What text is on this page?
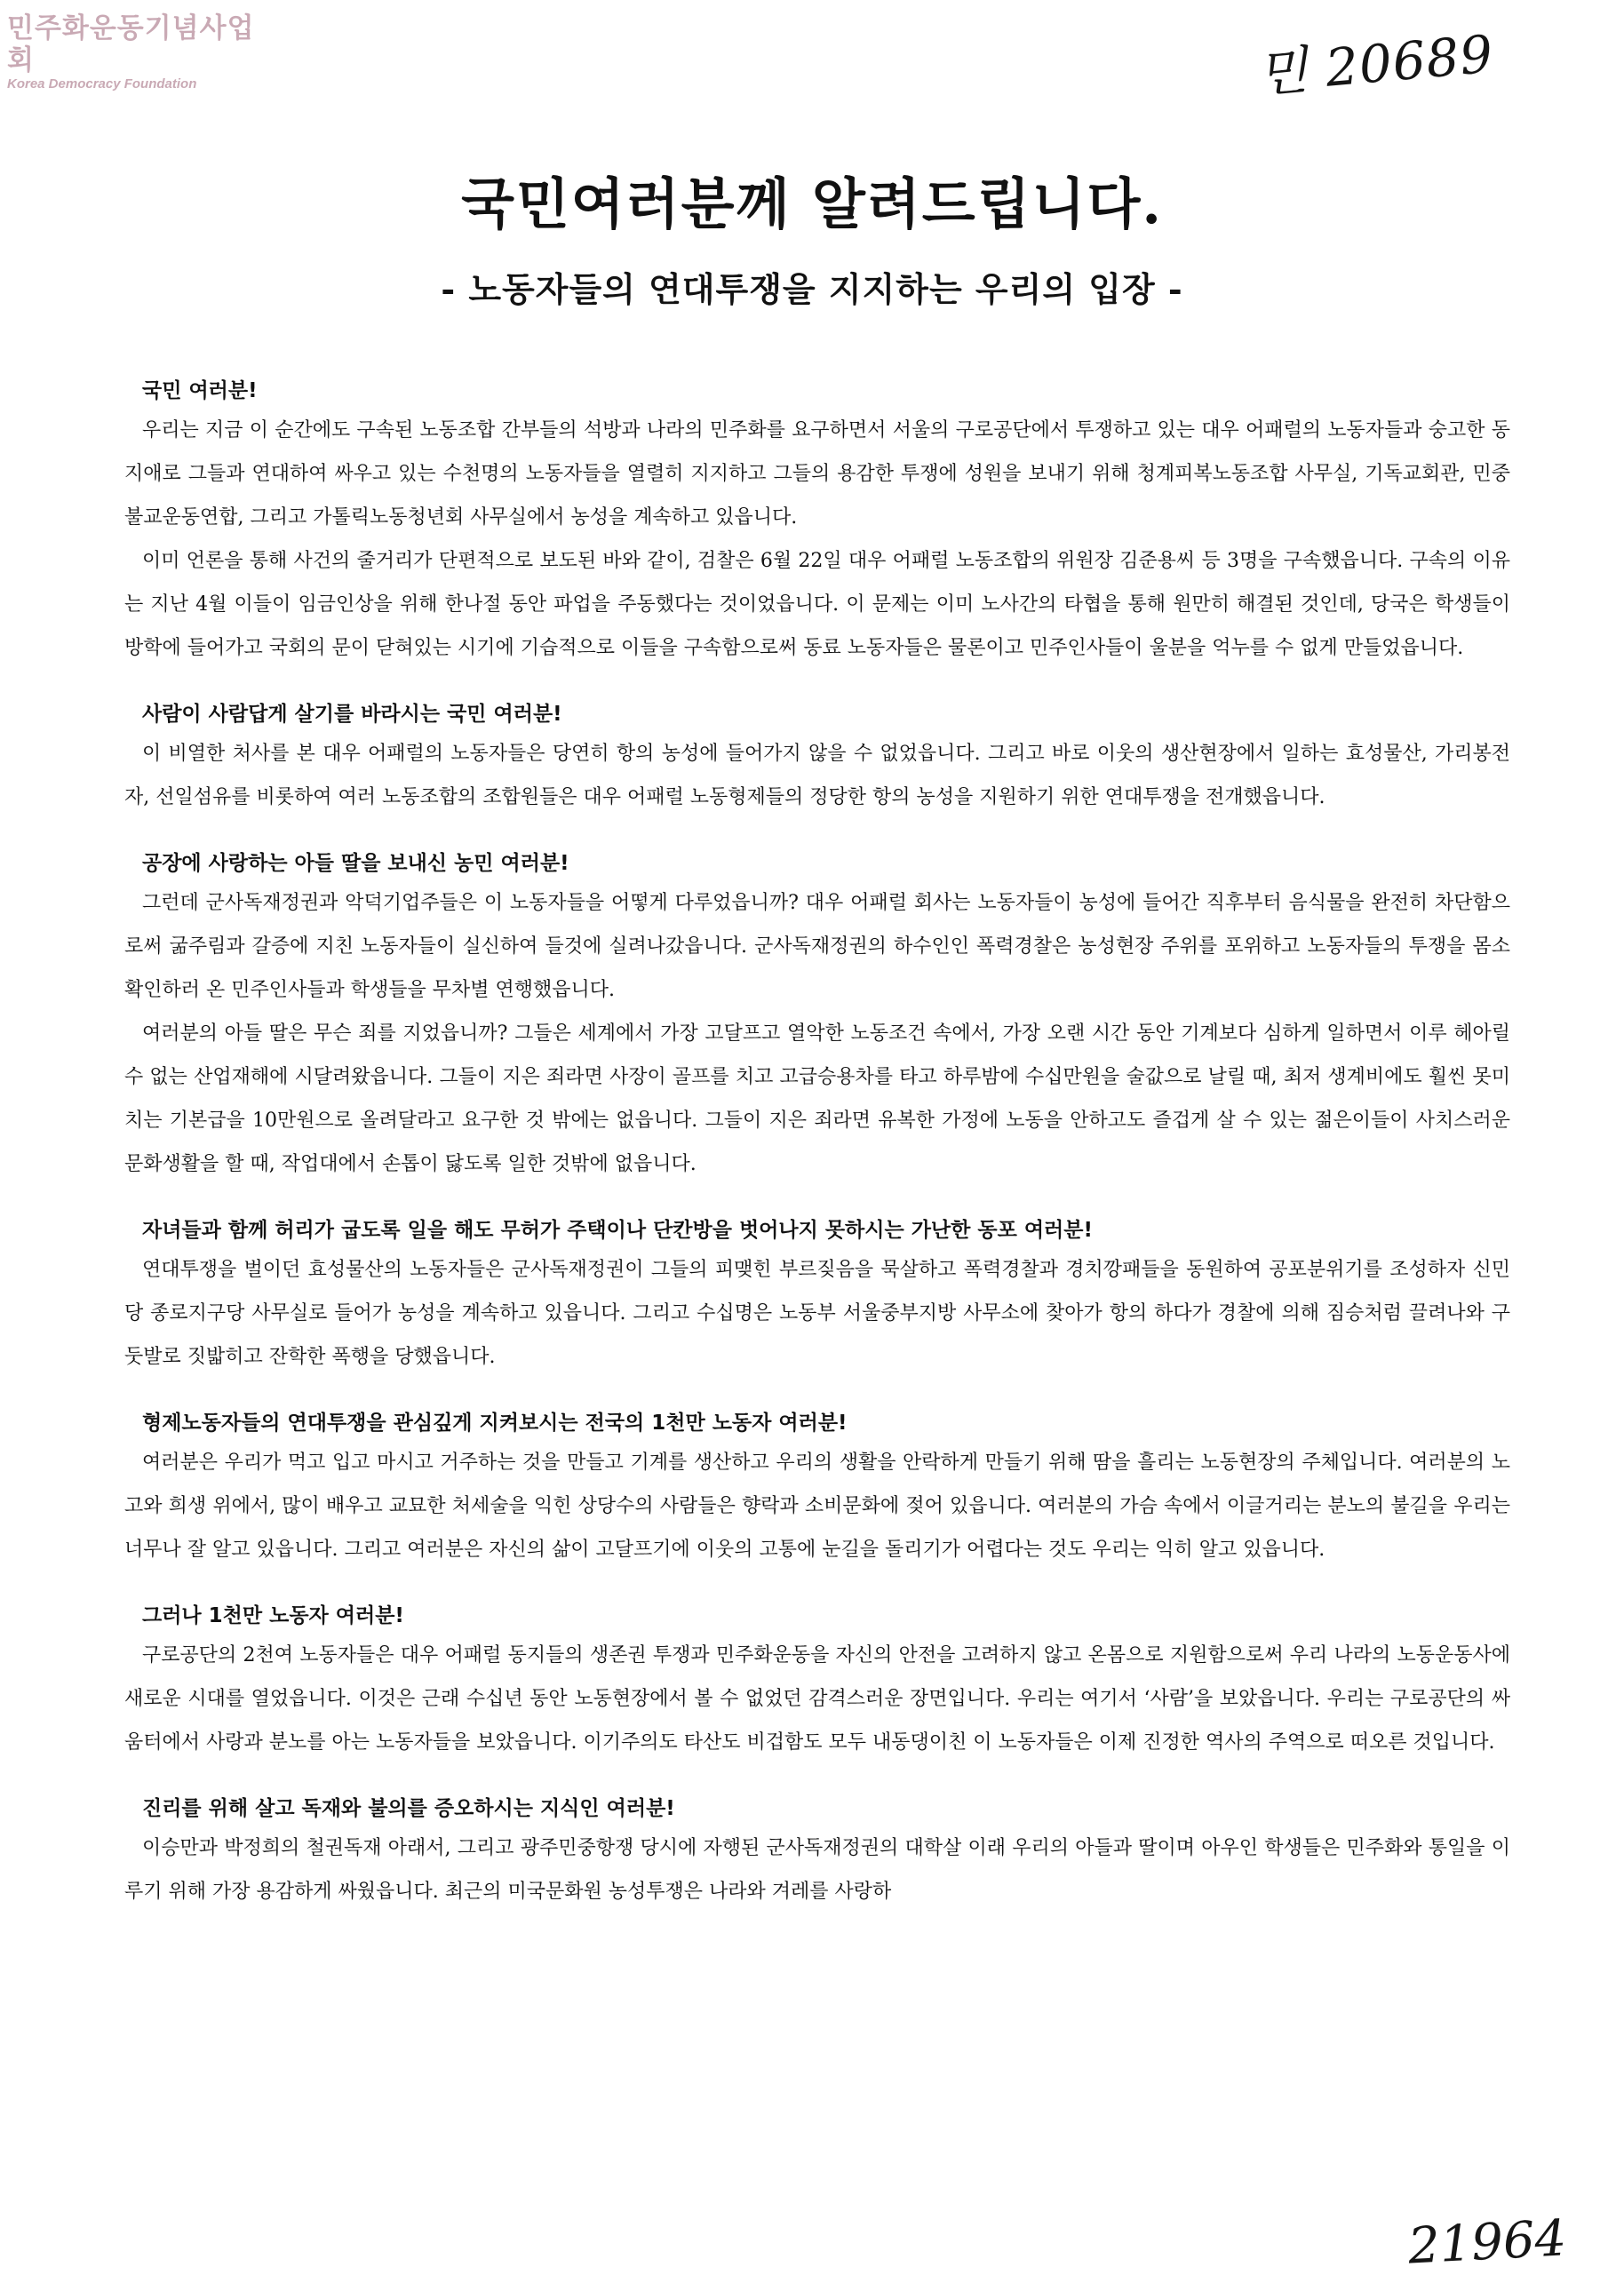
민주화운동기념사업회
Korea Democracy Foundation	민 20689
국민여러분께 알려드립니다.
- 노동자들의 연대투쟁을 지지하는 우리의 입장 -
국민 여러분!

우리는 지금 이 순간에도 구속된 노동조합 간부들의 석방과 나라의 민주화를 요구하면서 서울의 구로공단에서 투쟁하고 있는 대우 어패럴의 노동자들과 숭고한 동지애로 그들과 연대하여 싸우고 있는 수천명의 노동자들을 열렬히 지지하고 그들의 용감한 투쟁에 성원을 보내기 위해 청계피복노동조합 사무실, 기독교회관, 민중불교운동연합, 그리고 가톨릭노동청년회 사무실에서 농성을 계속하고 있읍니다.

이미 언론을 통해 사건의 줄거리가 단편적으로 보도된 바와 같이, 검찰은 6월 22일 대우 어패럴 노동조합의 위원장 김준용씨 등 3명을 구속했읍니다. 구속의 이유는 지난 4월 이들이 임금인상을 위해 한나절 동안 파업을 주동했다는 것이었읍니다. 이 문제는 이미 노사간의 타협을 통해 원만히 해결된 것인데, 당국은 학생들이 방학에 들어가고 국회의 문이 닫혀있는 시기에 기습적으로 이들을 구속함으로써 동료 노동자들은 물론이고 민주인사들이 울분을 억누를 수 없게 만들었읍니다.

사람이 사람답게 살기를 바라시는 국민 여러분!

이 비열한 처사를 본 대우 어패럴의 노동자들은 당연히 항의 농성에 들어가지 않을 수 없었읍니다. 그리고 바로 이웃의 생산현장에서 일하는 효성물산, 가리봉전자, 선일섬유를 비롯하여 여러 노동조합의 조합원들은 대우 어패럴 노동형제들의 정당한 항의 농성을 지원하기 위한 연대투쟁을 전개했읍니다.

공장에 사랑하는 아들 딸을 보내신 농민 여러분!

그런데 군사독재정권과 악덕기업주들은 이 노동자들을 어떻게 다루었읍니까? 대우 어패럴 회사는 노동자들이 농성에 들어간 직후부터 음식물을 완전히 차단함으로써 굶주림과 갈증에 지친 노동자들이 실신하여 들것에 실려나갔읍니다. 군사독재정권의 하수인인 폭력경찰은 농성현장 주위를 포위하고 노동자들의 투쟁을 몸소 확인하러 온 민주인사들과 학생들을 무차별 연행했읍니다.

여러분의 아들 딸은 무슨 죄를 지었읍니까? 그들은 세계에서 가장 고달프고 열악한 노동조건 속에서, 가장 오랜 시간 동안 기계보다 심하게 일하면서 이루 헤아릴 수 없는 산업재해에 시달려왔읍니다. 그들이 지은 죄라면 사장이 골프를 치고 고급승용차를 타고 하루밤에 수십만원을 술값으로 날릴 때, 최저 생계비에도 훨씬 못미치는 기본급을 10만원으로 올려달라고 요구한 것 밖에는 없읍니다. 그들이 지은 죄라면 유복한 가정에 노동을 안하고도 즐겁게 살 수 있는 젊은이들이 사치스러운 문화생활을 할 때, 작업대에서 손톱이 닳도록 일한 것밖에 없읍니다.

자녀들과 함께 허리가 굽도록 일을 해도 무허가 주택이나 단칸방을 벗어나지 못하시는 가난한 동포 여러분!

연대투쟁을 벌이던 효성물산의 노동자들은 군사독재정권이 그들의 피맺힌 부르짖음을 묵살하고 폭력경찰과 경치깡패들을 동원하여 공포분위기를 조성하자 신민당 종로지구당 사무실로 들어가 농성을 계속하고 있읍니다. 그리고 수십명은 노동부 서울중부지방 사무소에 찾아가 항의 하다가 경찰에 의해 짐승처럼 끌려나와 구둣발로 짓밟히고 잔학한 폭행을 당했읍니다.

형제노동자들의 연대투쟁을 관심깊게 지켜보시는 전국의 1천만 노동자 여러분!

여러분은 우리가 먹고 입고 마시고 거주하는 것을 만들고 기계를 생산하고 우리의 생활을 안락하게 만들기 위해 땀을 흘리는 노동현장의 주체입니다. 여러분의 노고와 희생 위에서, 많이 배우고 교묘한 처세술을 익힌 상당수의 사람들은 향락과 소비문화에 젖어 있읍니다. 여러분의 가슴 속에서 이글거리는 분노의 불길을 우리는 너무나 잘 알고 있읍니다. 그리고 여러분은 자신의 삶이 고달프기에 이웃의 고통에 눈길을 돌리기가 어렵다는 것도 우리는 익히 알고 있읍니다.

그러나 1천만 노동자 여러분!

구로공단의 2천여 노동자들은 대우 어패럴 동지들의 생존권 투쟁과 민주화운동을 자신의 안전을 고려하지 않고 온몸으로 지원함으로써 우리 나라의 노동운동사에 새로운 시대를 열었읍니다. 이것은 근래 수십년 동안 노동현장에서 볼 수 없었던 감격스러운 장면입니다. 우리는 여기서 ‘사람’을 보았읍니다. 우리는 구로공단의 싸움터에서 사랑과 분노를 아는 노동자들을 보았읍니다. 이기주의도 타산도 비겁함도 모두 내동댕이친 이 노동자들은 이제 진정한 역사의 주역으로 떠오른 것입니다.

진리를 위해 살고 독재와 불의를 증오하시는 지식인 여러분!

이승만과 박정희의 철권독재 아래서, 그리고 광주민중항쟁 당시에 자행된 군사독재정권의 대학살 이래 우리의 아들과 딸이며 아우인 학생들은 민주화와 통일을 이루기 위해 가장 용감하게 싸웠읍니다. 최근의 미국문화원 농성투쟁은 나라와 겨레를 사랑하

21964
